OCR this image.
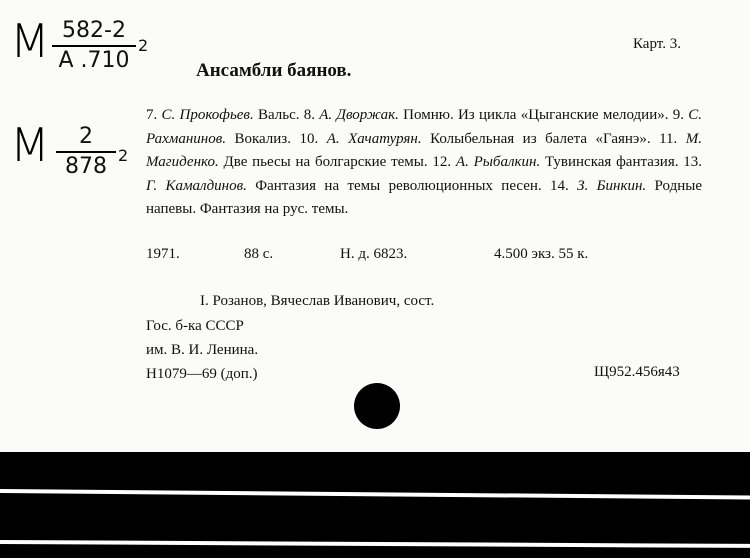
M 582-2
A .710
2
M	2
878 2
Карт. 3.
Ансамбли баянов.
7. С. Прокофьев. Вальс. 8. А. Дворжак. Помню. Из цикла «Цыганские мелодии». 9. С. Рахманинов. Вокализ. 10. А. Хачатурян. Колыбельная из балета «Гаянэ». 11. М. Магиденко. Две пьесы на болгарские темы. 12. А. Рыбалкин. Тувинская фантазия. 13. Г. Камалдинов. Фантазия на темы революционных песен. 14. З. Бинкин. Родные напевы. Фантазия на рус. темы.
1971.	88 с.	Н. д. 6823.	4.500 экз. 55 к.
I. Розанов, Вячеслав Иванович, сост.
Гос. б-ка СССР
им. В. И. Ленина.
Н1079—69 (доп.)	Щ952.456я43
